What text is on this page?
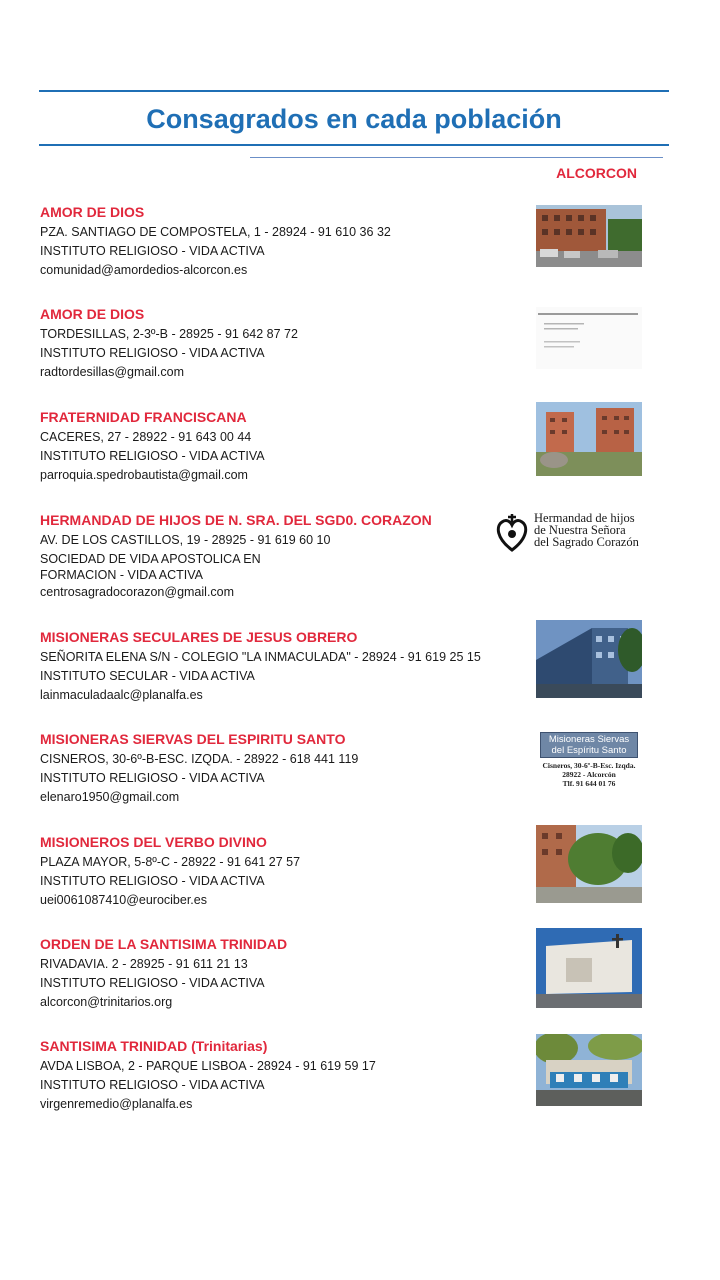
Consagrados en cada población
ALCORCON
AMOR DE DIOS
PZA. SANTIAGO DE COMPOSTELA, 1 - 28924 - 91 610 36 32
INSTITUTO RELIGIOSO - VIDA ACTIVA
comunidad@amordedios-alcorcon.es
AMOR DE DIOS
TORDESILLAS, 2-3º-B - 28925 - 91 642 87 72
INSTITUTO RELIGIOSO - VIDA ACTIVA
radtordesillas@gmail.com
FRATERNIDAD FRANCISCANA
CACERES, 27 - 28922 - 91 643 00 44
INSTITUTO RELIGIOSO - VIDA ACTIVA
parroquia.spedrobautista@gmail.com
HERMANDAD DE HIJOS DE N. SRA. DEL SGD0. CORAZON
AV. DE LOS CASTILLOS, 19 - 28925 - 91 619 60 10
SOCIEDAD DE VIDA APOSTOLICA EN
FORMACION - VIDA ACTIVA
centrosagradocorazon@gmail.com
Hermandad de hijos
de Nuestra Señora
del Sagrado Corazón
MISIONERAS SECULARES DE JESUS OBRERO
SEÑORITA ELENA S/N - COLEGIO "LA INMACULADA" - 28924 - 91 619 25 15
INSTITUTO SECULAR - VIDA ACTIVA
lainmaculadaalc@planalfa.es
MISIONERAS SIERVAS DEL ESPIRITU SANTO
CISNEROS, 30-6º-B-ESC. IZQDA. - 28922 - 618 441 119
INSTITUTO RELIGIOSO - VIDA ACTIVA
elenaro1950@gmail.com
Misioneras Siervas
del Espíritu Santo
Cisneros, 30-6º-B-Esc. Izqda.
28922 - Alcorcón
Tlf. 91 644 01 76
MISIONEROS DEL VERBO DIVINO
PLAZA MAYOR, 5-8º-C - 28922 - 91 641 27 57
INSTITUTO RELIGIOSO - VIDA ACTIVA
uei0061087410@eurociber.es
ORDEN DE LA SANTISIMA TRINIDAD
RIVADAVIA. 2 - 28925 - 91 611 21 13
INSTITUTO RELIGIOSO - VIDA ACTIVA
alcorcon@trinitarios.org
SANTISIMA TRINIDAD (Trinitarias)
AVDA LISBOA, 2 - PARQUE LISBOA - 28924 - 91 619 59 17
INSTITUTO RELIGIOSO - VIDA ACTIVA
virgenremedio@planalfa.es
